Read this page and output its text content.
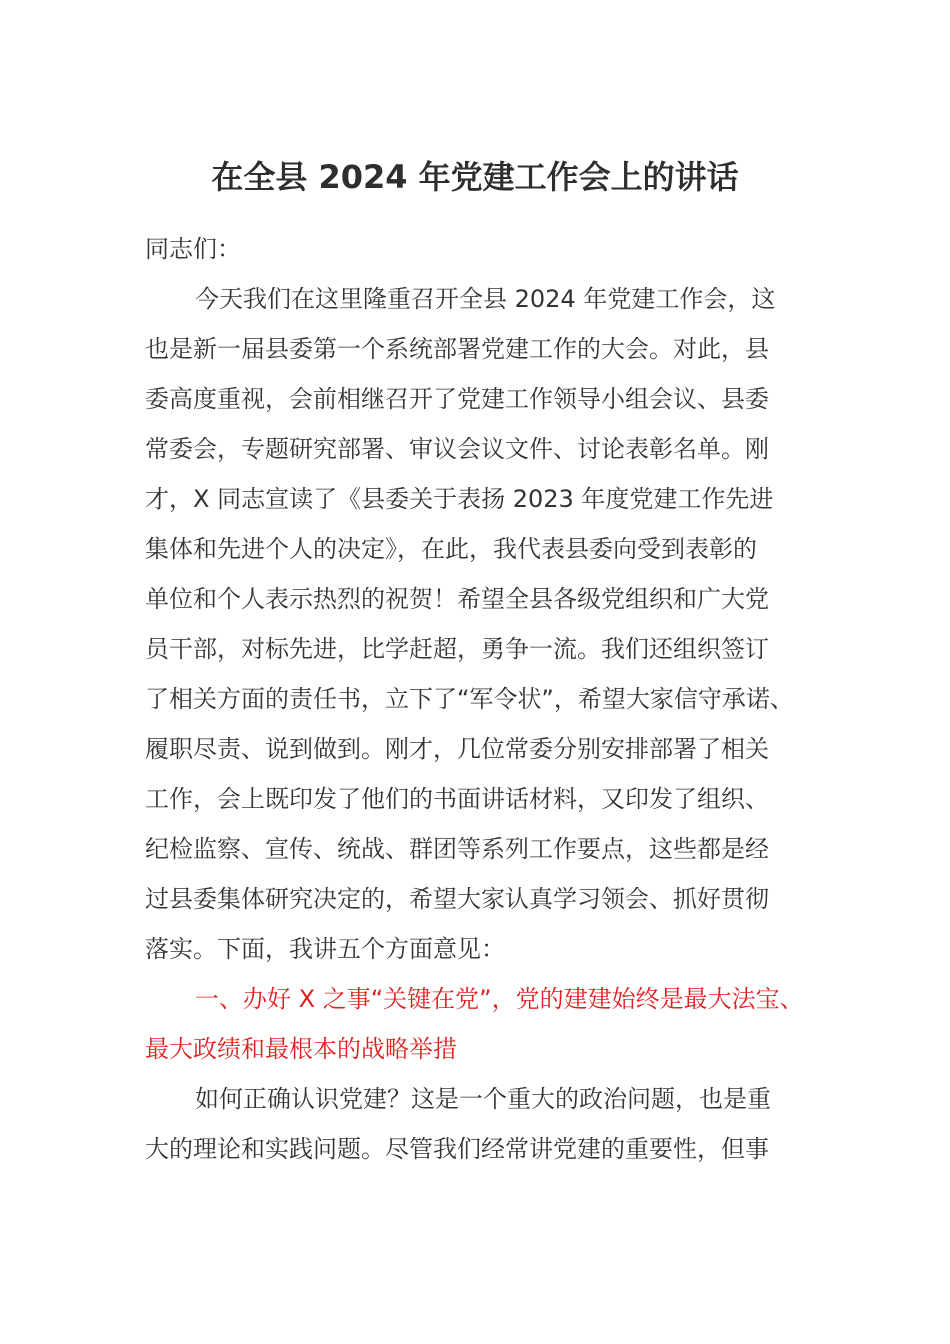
在全县 2024 年党建工作会上的讲话

同志们：

今天我们在这里隆重召开全县 2024 年党建工作会，这

也是新一届县委第一个系统部署党建工作的大会。对此，县

委高度重视，会前相继召开了党建工作领导小组会议、县委

常委会，专题研究部署、审议会议文件、讨论表彰名单。刚

才，X 同志宣读了《县委关于表扬 2023 年度党建工作先进

集体和先进个人的决定》，在此，我代表县委向受到表彰的

单位和个人表示热烈的祝贺！希望全县各级党组织和广大党

员干部，对标先进，比学赶超，勇争一流。我们还组织签订

了相关方面的责任书，立下了“军令状”，希望大家信守承诺、

履职尽责、说到做到。刚才，几位常委分别安排部署了相关

工作，会上既印发了他们的书面讲话材料，又印发了组织、

纪检监察、宣传、统战、群团等系列工作要点，这些都是经

过县委集体研究决定的，希望大家认真学习领会、抓好贯彻

落实。下面，我讲五个方面意见：

一、办好 X 之事“关键在党”，党的建建始终是最大法宝、

最大政绩和最根本的战略举措

如何正确认识党建？这是一个重大的政治问题，也是重

大的理论和实践问题。尽管我们经常讲党建的重要性，但事
